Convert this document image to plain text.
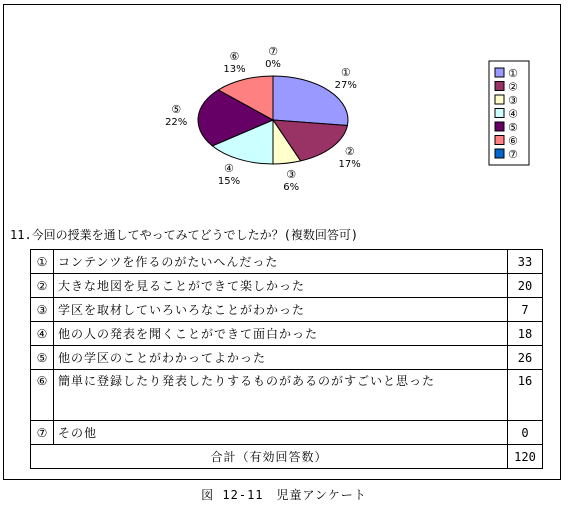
①
27%
②
17%
③
6%
④
15%
⑤
22%
⑥
13%
⑦
0%
①
②
③
④
⑤
⑥
⑦
11.今回の授業を通してやってみてどうでしたか？(複数回答可)
①	コンテンツを作るのがたいへんだった	33
②	大きな地図を見ることができて楽しかった	20
③	学区を取材していろいろなことがわかった	7
④	他の人の発表を聞くことができて面白かった	18
⑤	他の学区のことがわかってよかった	26
⑥	簡単に登録したり発表したりするものがあるのがすごいと思った	16
⑦	その他	0
合計（有効回答数）		120
図 12-11　児童アンケート
